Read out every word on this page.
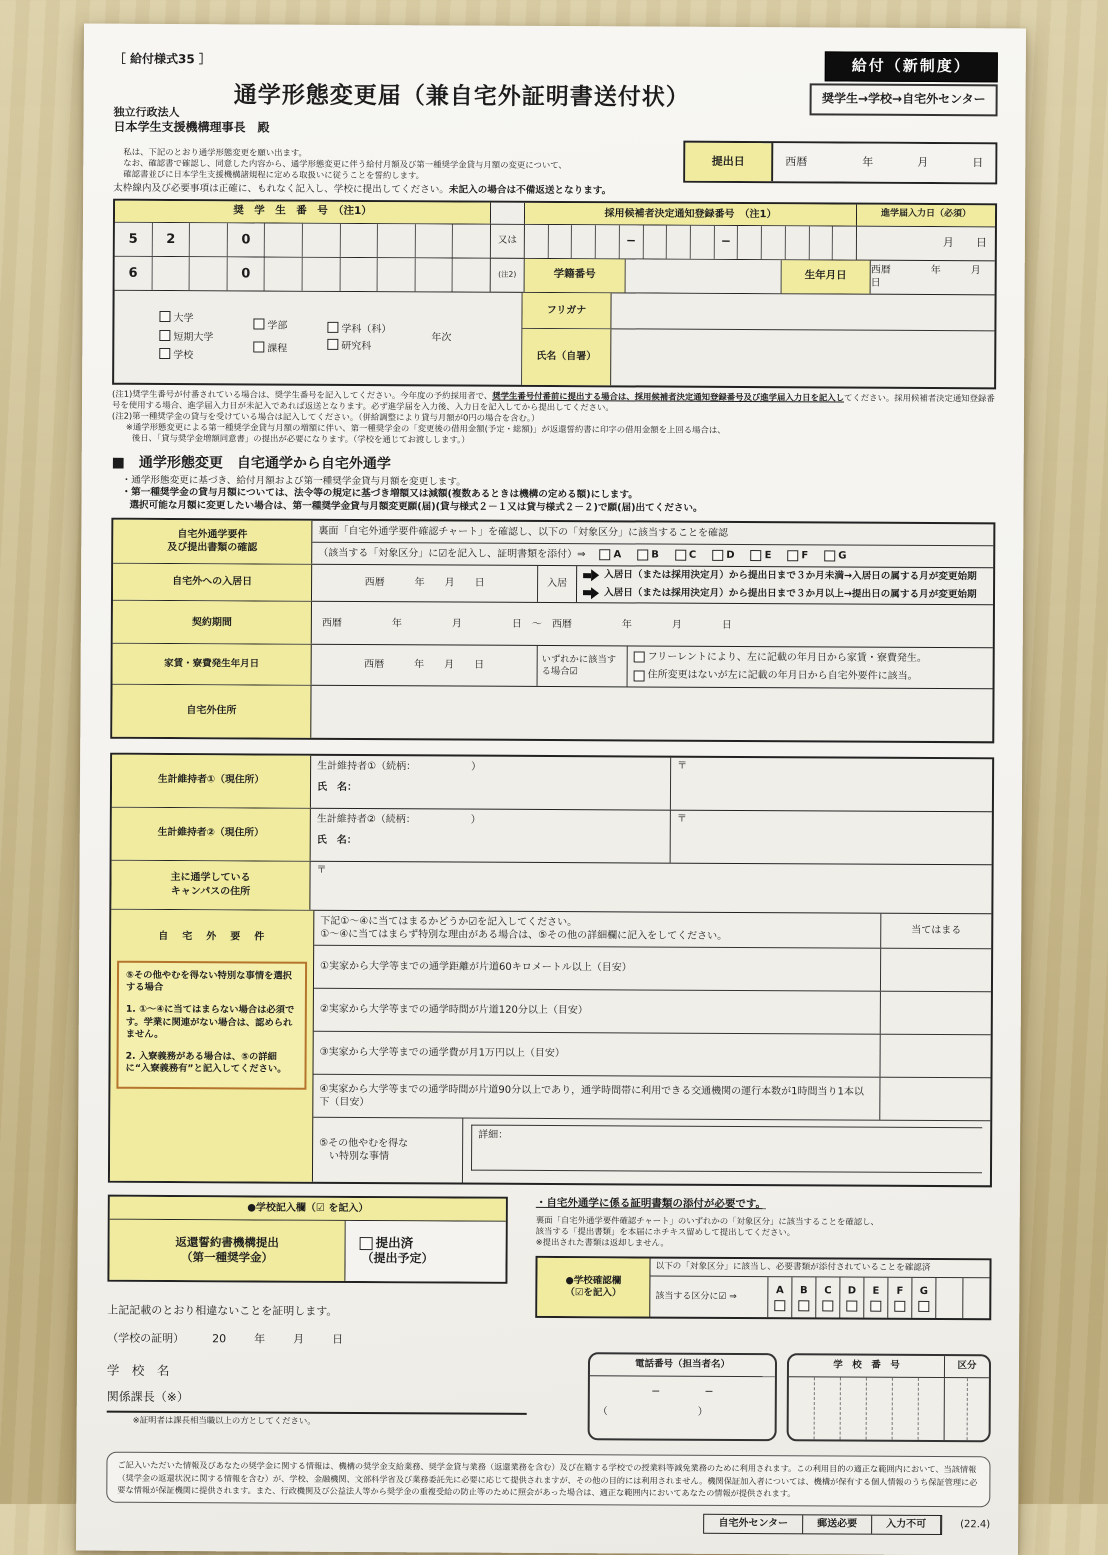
［ 給付様式35 ］	給付（新制度）
通学形態変更届（兼自宅外証明書送付状）	奨学生→学校→自宅外センター
独立行政法人
日本学生支援機構理事長　殿
私は、下記のとおり通学形態変更を願い出ます。
なお、確認書で確認し、同意した内容から、通学形態変更に伴う給付月額及び第一種奨学金貸与月額の変更について、
確認書並びに日本学生支援機構諸規程に定める取扱いに従うことを誓約します。
提出日	西暦　　　　　年　　　　月　　　　日
太枠線内及び必要事項は正確に、もれなく記入し、学校に提出してください。未記入の場合は不備返送となります。
奨　学　生　番　号　（注1）	採用候補者決定通知登録番号　（注1）	進学届入力日（必須）
5	2	0	又は	−	−	月　　日
6	0	(注2)	学籍番号	生年月日	西暦　　　　年　　　月　　　日
大学
短期大学
学校
学部
課程
学科（科）
研究科
年次
フリガナ
氏名（自署）
(注1)奨学生番号が付番されている場合は、奨学生番号を記入してください。今年度の予約採用者で、奨学生番号付番前に提出する場合は、採用候補者決定通知登録番号及び進学届入力日を記入してください。採用候補者決定通知登録番号を使用する場合、進学届入力日が未記入であれば返送となります。必ず進学届を入力後、入力日を記入してから提出してください。
(注2)第一種奨学金の貸与を受けている場合は記入してください。（併給調整により貸与月額が0円の場合を含む。）
※通学形態変更による第一種奨学金貸与月額の増額に伴い、第一種奨学金の「変更後の借用金額(予定・総額)」が返還誓約書に印字の借用金額を上回る場合は、
後日、「貸与奨学金増額同意書」の提出が必要になります。（学校を通じてお渡しします。）
■　通学形態変更　自宅通学から自宅外通学
・通学形態変更に基づき、給付月額および第一種奨学金貸与月額を変更します。
・第一種奨学金の貸与月額については、法令等の規定に基づき増額又は減額(複数あるときは機構の定める額)にします。
選択可能な月額に変更したい場合は、第一種奨学金貸与月額変更願(届)(貸与様式２－１又は貸与様式２－２)で願(届)出てください。
自宅外通学要件
及び提出書類の確認
裏面「自宅外通学要件確認チャート」を確認し、以下の「対象区分」に該当することを確認
（該当する「対象区分」に☑を記入し、証明書類を添付）⇒	A	B	C	D	E	F	G
自宅外への入居日	西暦　　　年　　月　　日	入居
入居日（または採用決定月）から提出日まで３か月未満→入居日の属する月が変更始期
入居日（または採用決定月）から提出日まで３か月以上→提出日の属する月が変更始期
契約期間	西暦　　　　　年　　　　　月　　　　　日　〜　西暦　　　　　年　　　　月　　　　日
家賃・寮費発生年月日	西暦　　　年　　月　　日
いずれかに該当する場合☑
フリーレントにより、左に記載の年月日から家賃・寮費発生。
住所変更はないが左に記載の年月日から自宅外要件に該当。
自宅外住所
生計維持者①（現住所）
生計維持者①（続柄：　　　　　　）
氏　名：
〒
生計維持者②（現住所）
生計維持者②（続柄：　　　　　　）
氏　名：
〒
主に通学している
キャンパスの住所
〒
自　宅　外　要　件
⑤その他やむを得ない特別な事情を選択する場合
1. ①～④に当てはまらない場合は必須です。学業に関連がない場合は、認められません。
2. 入寮義務がある場合は、⑤の詳細に“入寮義務有”と記入してください。
下記①～④に当てはまるかどうか☑を記入してください。
①～④に当てはまらず特別な理由がある場合は、⑤その他の詳細欄に記入をしてください。	当てはまる
①実家から大学等までの通学距離が片道60キロメートル以上（目安）
②実家から大学等までの通学時間が片道120分以上（目安）
③実家から大学等までの通学費が月1万円以上（目安）
④実家から大学等までの通学時間が片道90分以上であり，通学時間帯に利用できる交通機関の運行本数が1時間当り1本以下（目安）
⑤その他やむを得な
い特別な事情
詳細：
●学校記入欄（☑ を記入）
返還誓約書機構提出
（第一種奨学金）
提出済
（提出予定）
上記記載のとおり相違ないことを証明します。
（学校の証明）	20	年	月	日
学　校　名
関係課長（※）
※証明者は課長相当職以上の方としてください。
・自宅外通学に係る証明書類の添付が必要です。
裏面「自宅外通学要件確認チャート」のいずれかの「対象区分」に該当することを確認し、
該当する「提出書類」を本届にホチキス留めして提出してください。
※提出された書類は返却しません。
●学校確認欄
（☑を記入）
以下の「対象区分」に該当し、必要書類が添付されていることを確認済
該当する区分に☑ ⇒	A B C D E F G
電話番号（担当者名）
−　　　　−
（　　　　　　　　　）
学　校　番　号	区分
ご記入いただいた情報及びあなたの奨学金に関する情報は、機構の奨学金支給業務、奨学金貸与業務（返還業務を含む）及び在籍する学校での授業料等減免業務のために利用されます。この利用目的の適正な範囲内において、当該情報（奨学金の返還状況に関する情報を含む）が、学校、金融機関、文部科学省及び業務委託先に必要に応じて提供されますが、その他の目的には利用されません。機関保証加入者については、機構が保有する個人情報のうち保証管理に必要な情報が保証機関に提供されます。また、行政機関及び公益法人等から奨学金の重複受給の防止等のために照会があった場合は、適正な範囲内においてあなたの情報が提供されます。
自宅外センター	郵送必要	入力不可	(22.4)
